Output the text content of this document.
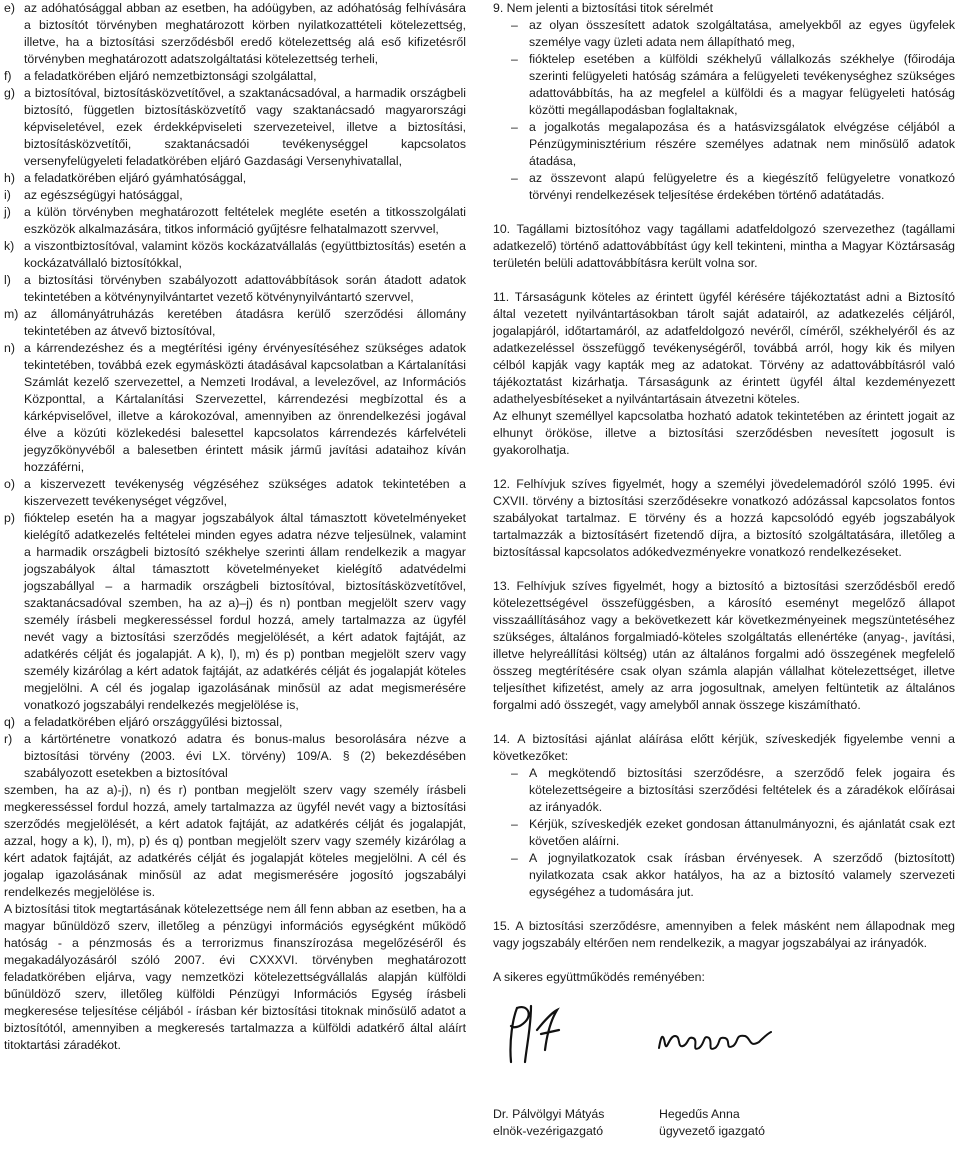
e) az adóhatósággal abban az esetben, ha adóügyben, az adóhatóság felhívására a biztosítót törvényben meghatározott körben nyilatkozattételi kötelezettség, illetve, ha a biztosítási szerződésből eredő kötelezettség alá eső kifizetésről törvényben meghatározott adatszolgáltatási kötelezettség terheli,
f)	a feladatkörében eljáró nemzetbiztonsági szolgálattal,
g) a biztosítóval, biztosításközvetítővel, a szaktanácsadóval, a harmadik országbeli biztosító, független biztosításközvetítő vagy szaktanácsadó magyarországi képviseletével, ezek érdekképviseleti szervezeteivel, illetve a biztosítási, biztosításközvetítői, szaktanácsadói tevékenységgel kapcsolatos versenyfelügyeleti feladatkörében eljáró Gazdasági Versenyhivatallal,
h) a feladatkörében eljáró gyámhatósággal,
i)	az egészségügyi hatósággal,
j)	a külön törvényben meghatározott feltételek megléte esetén a titkosszolgálati eszközök alkalmazására, titkos információ gyűjtésre felhatalmazott szervvel,
k) a viszontbiztosítóval, valamint közös kockázatvállalás (együttbiztosítás) esetén a kockázatvállaló biztosítókkal,
l)	a biztosítási törvényben szabályozott adattovábbítások során átadott adatok tekintetében a kötvénynyilvántartet vezető kötvénynyilvántartó szervvel,
m) az állományátruházás keretében átadásra kerülő szerződési állomány tekintetében az átvevő biztosítóval,
n) a kárrendezéshez és a megtérítési igény érvényesítéséhez szükséges adatok tekintetében, továbbá ezek egymásközti átadásával kapcsolatban a Kártalanítási Számlát kezelő szervezettel, a Nemzeti Irodával, a levelezővel, az Információs Központtal, a Kártalanítási Szervezettel, kárrendezési megbízottal és a kárképviselővel, illetve a károkozóval, amennyiben az önrendelkezési jogával élve a közúti közlekedési balesettel kapcsolatos kárrendezés kárfelvételi jegyzőkönyvéből a balesetben érintett másik jármű javítási adataihoz kíván hozzáférni,
o) a kiszervezett tevékenység végzéséhez szükséges adatok tekintetében a kiszervezett tevékenységet végzővel,
p) fióktelep esetén ha a magyar jogszabályok által támasztott követelményeket kielégítő adatkezelés feltételei minden egyes adatra nézve teljesülnek, valamint a harmadik országbeli biztosító székhelye szerinti állam rendelkezik a magyar jogszabályok által támasztott követelményeket kielégítő adatvédelmi jogszabállyal – a harmadik országbeli biztosítóval, biztosításközvetítővel, szaktanácsadóval szemben, ha az a)–j) és n) pontban megjelölt szerv vagy személy írásbeli megkeresséssel fordul hozzá, amely tartalmazza az ügyfél nevét vagy a biztosítási szerződés megjelölését, a kért adatok fajtáját, az adatkérés célját és jogalapját. A k), l), m) és p) pontban megjelölt szerv vagy személy kizárólag a kért adatok fajtáját, az adatkérés célját és jogalapját köteles megjelölni. A cél és jogalap igazolásának minősül az adat megismerésére vonatkozó jogszabályi rendelkezés megjelölése is,
q) a feladatkörében eljáró országgyűlési biztossal,
r) a kártörténetre vonatkozó adatra és bonus-malus besorolására nézve a biztosítási törvény (2003. évi LX. törvény) 109/A. § (2) bekezdésében szabályozott esetekben a biztosítóval
szemben, ha az a)-j), n) és r) pontban megjelölt szerv vagy személy írásbeli megkeresséssel fordul hozzá, amely tartalmazza az ügyfél nevét vagy a biztosítási szerződés megjelölését, a kért adatok fajtáját, az adatkérés célját és jogalapját, azzal, hogy a k), l), m), p) és q) pontban megjelölt szerv vagy személy kizárólag a kért adatok fajtáját, az adatkérés célját és jogalapját köteles megjelölni. A cél és jogalap igazolásának minősül az adat megismerésére jogosító jogszabályi rendelkezés megjelölése is.
A biztosítási titok megtartásának kötelezettsége nem áll fenn abban az esetben, ha a magyar bűnüldöző szerv, illetőleg a pénzügyi információs egységként működő hatóság - a pénzmosás és a terrorizmus finanszírozása megelőzéséről és megakadályozásáról szóló 2007. évi CXXXVI. törvényben meghatározott feladatkörében eljárva, vagy nemzetközi kötelezettségvállalás alapján külföldi bűnüldöző szerv, illetőleg külföldi Pénzügyi Információs Egység írásbeli megkeresése teljesítése céljából - írásban kér biztosítási titoknak minősülő adatot a biztosítótól, amennyiben a megkeresés tartalmazza a külföldi adatkérő által aláírt titoktartási záradékot.
9. Nem jelenti a biztosítási titok sérelmét
– az olyan összesített adatok szolgáltatása, amelyekből az egyes ügyfelek személye vagy üzleti adata nem állapítható meg,
– fióktelep esetében a külföldi székhelyű vállalkozás székhelye (főirodája szerinti felügyeleti hatóság számára a felügyeleti tevékenységhez szükséges adattovábbítás, ha az megfelel a külföldi és a magyar felügyeleti hatóság közötti megállapodásban foglaltaknak,
– a jogalkotás megalapozása és a hatásvizsgálatok elvégzése céljából a Pénzügyminisztérium részére személyes adatnak nem minősülő adatok átadása,
– az összevont alapú felügyeletre és a kiegészítő felügyeletre vonatkozó törvényi rendelkezések teljesítése érdekében történő adatátadás.
10. Tagállami biztosítóhoz vagy tagállami adatfeldolgozó szervezethez (tagállami adatkezelő) történő adattovábbítást úgy kell tekinteni, mintha a Magyar Köztársaság területén belüli adattovábbításra került volna sor.
11. Társaságunk köteles az érintett ügyfél kérésére tájékoztatást adni a Biztosító által vezetett nyilvántartásokban tárolt saját adatairól, az adatkezelés céljáról, jogalapjáról, időtartamáról, az adatfeldolgozó nevéről, címéről, székhelyéről és az adatkezeléssel összefüggő tevékenységéről, továbbá arról, hogy kik és milyen célból kapják vagy kapták meg az adatokat. Törvény az adattovábbításról való tájékoztatást kizárhatja. Társaságunk az érintett ügyfél által kezdeményezett adathelyesbítéseket a nyilvántartásain átvezetni köteles.
Az elhunyt személlyel kapcsolatba hozható adatok tekintetében az érintett jogait az elhunyt örököse, illetve a biztosítási szerződésben nevesített jogosult is gyakorolhatja.
12. Felhívjuk szíves figyelmét, hogy a személyi jövedelemadóról szóló 1995. évi CXVII. törvény a biztosítási szerződésekre vonatkozó adózással kapcsolatos fontos szabályokat tartalmaz. E törvény és a hozzá kapcsolódó egyéb jogszabályok tartalmazzák a biztosításért fizetendő díjra, a biztosító szolgáltatására, illetőleg a biztosítással kapcsolatos adókedvezményekre vonatkozó rendelkezéseket.
13. Felhívjuk szíves figyelmét, hogy a biztosító a biztosítási szerződésből eredő kötelezettségével összefüggésben, a károsító eseményt megelőző állapot visszaállításához vagy a bekövetkezett kár következményeinek megszüntetéséhez szükséges, általános forgalmiadó-köteles szolgáltatás ellenértéke (anyag-, javítási, illetve helyreállítási költség) után az általános forgalmi adó összegének megfelelő összeg megtérítésére csak olyan számla alapján vállalhat kötelezettséget, illetve teljesíthet kifizetést, amely az arra jogosultnak, amelyen feltüntetik az általános forgalmi adó összegét, vagy amelyből annak összege kiszámítható.
14. A biztosítási ajánlat aláírása előtt kérjük, szíveskedjék figyelembe venni a következőket:
– A megkötendő biztosítási szerződésre, a szerződő felek jogaira és kötelezettségeire a biztosítási szerződési feltételek és a záradékok előírásai az irányadók.
– Kérjük, szíveskedjék ezeket gondosan áttanulmányozni, és ajánlatát csak ezt követően aláírni.
– A jognyilatkozatok csak írásban érvényesek. A szerződő (biztosított) nyilatkozata csak akkor hatályos, ha az a biztosító valamely szervezeti egységéhez a tudomására jut.
15. A biztosítási szerződésre, amennyiben a felek másként nem állapodnak meg vagy jogszabály eltérően nem rendelkezik, a magyar jogszabályai az irányadók.
A sikeres együttműködés reményében:
Dr. Pálvölgyi Mátyás
elnök-vezérigazgató
Hegedűs Anna
ügyvezető igazgató
